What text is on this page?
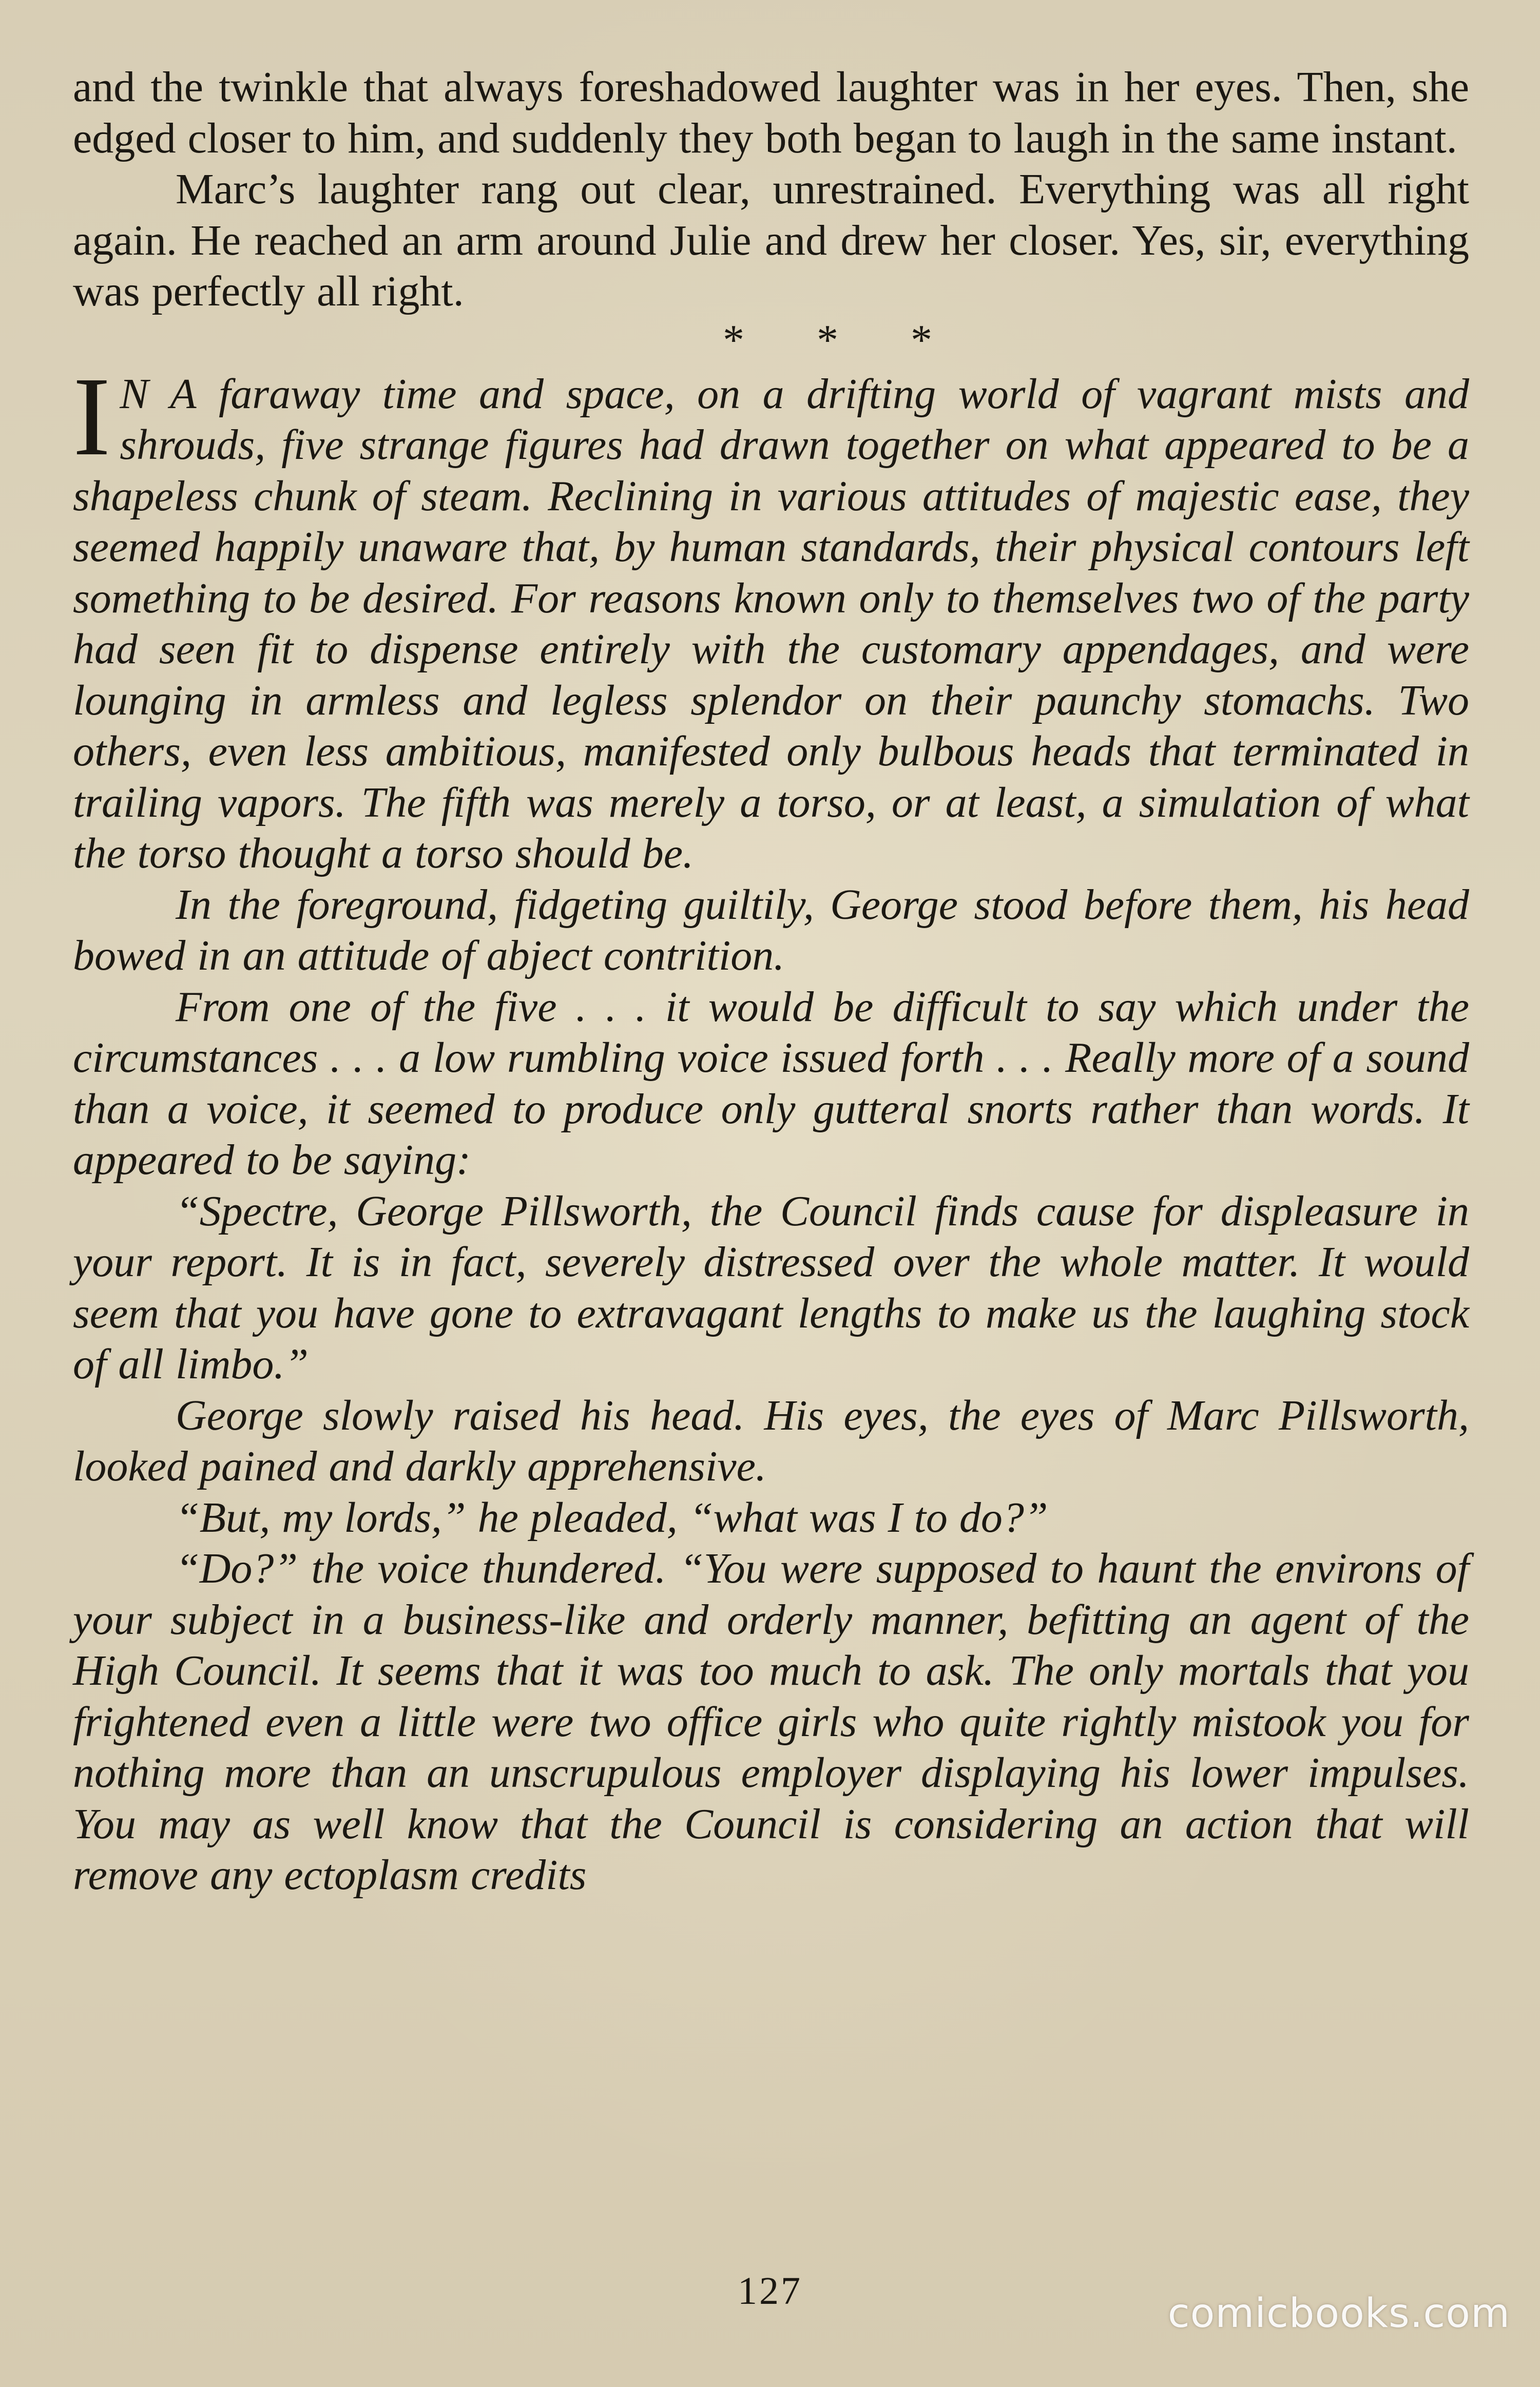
and the twinkle that always foreshadowed laughter was in her eyes. Then, she edged closer to him, and suddenly they both began to laugh in the same instant.

Marc’s laughter rang out clear, unrestrained. Everything was all right again. He reached an arm around Julie and drew her closer. Yes, sir, everything was perfectly all right.

* * *

I N A faraway time and space, on a drifting world of vagrant mists and shrouds, five strange figures had drawn together on what appeared to be a shapeless chunk of steam. Reclining in various attitudes of majestic ease, they seemed happily unaware that, by human standards, their physical contours left something to be desired. For reasons known only to themselves two of the party had seen fit to dispense entirely with the customary appendages, and were lounging in armless and legless splendor on their paunchy stomachs. Two others, even less ambitious, manifested only bulbous heads that terminated in trailing vapors. The fifth was merely a torso, or at least, a simulation of what the torso thought a torso should be.

In the foreground, fidgeting guiltily, George stood before them, his head bowed in an attitude of abject contrition.

From one of the five . . . it would be difficult to say which under the circumstances . . . a low rumbling voice issued forth . . . Really more of a sound than a voice, it seemed to produce only gutteral snorts rather than words. It appeared to be saying:

“Spectre, George Pillsworth, the Council finds cause for displeasure in your report. It is in fact, severely distressed over the whole matter. It would seem that you have gone to extravagant lengths to make us the laughing stock of all limbo.”

George slowly raised his head. His eyes, the eyes of Marc Pillsworth, looked pained and darkly apprehensive.

“But, my lords,” he pleaded, “what was I to do?”

“Do?” the voice thundered. “You were supposed to haunt the environs of your subject in a business-like and orderly manner, befitting an agent of the High Council. It seems that it was too much to ask. The only mortals that you frightened even a little were two office girls who quite rightly mistook you for nothing more than an unscrupulous employer displaying his lower impulses. You may as well know that the Council is considering an action that will remove any ectoplasm credits

127	comicbooks.com
